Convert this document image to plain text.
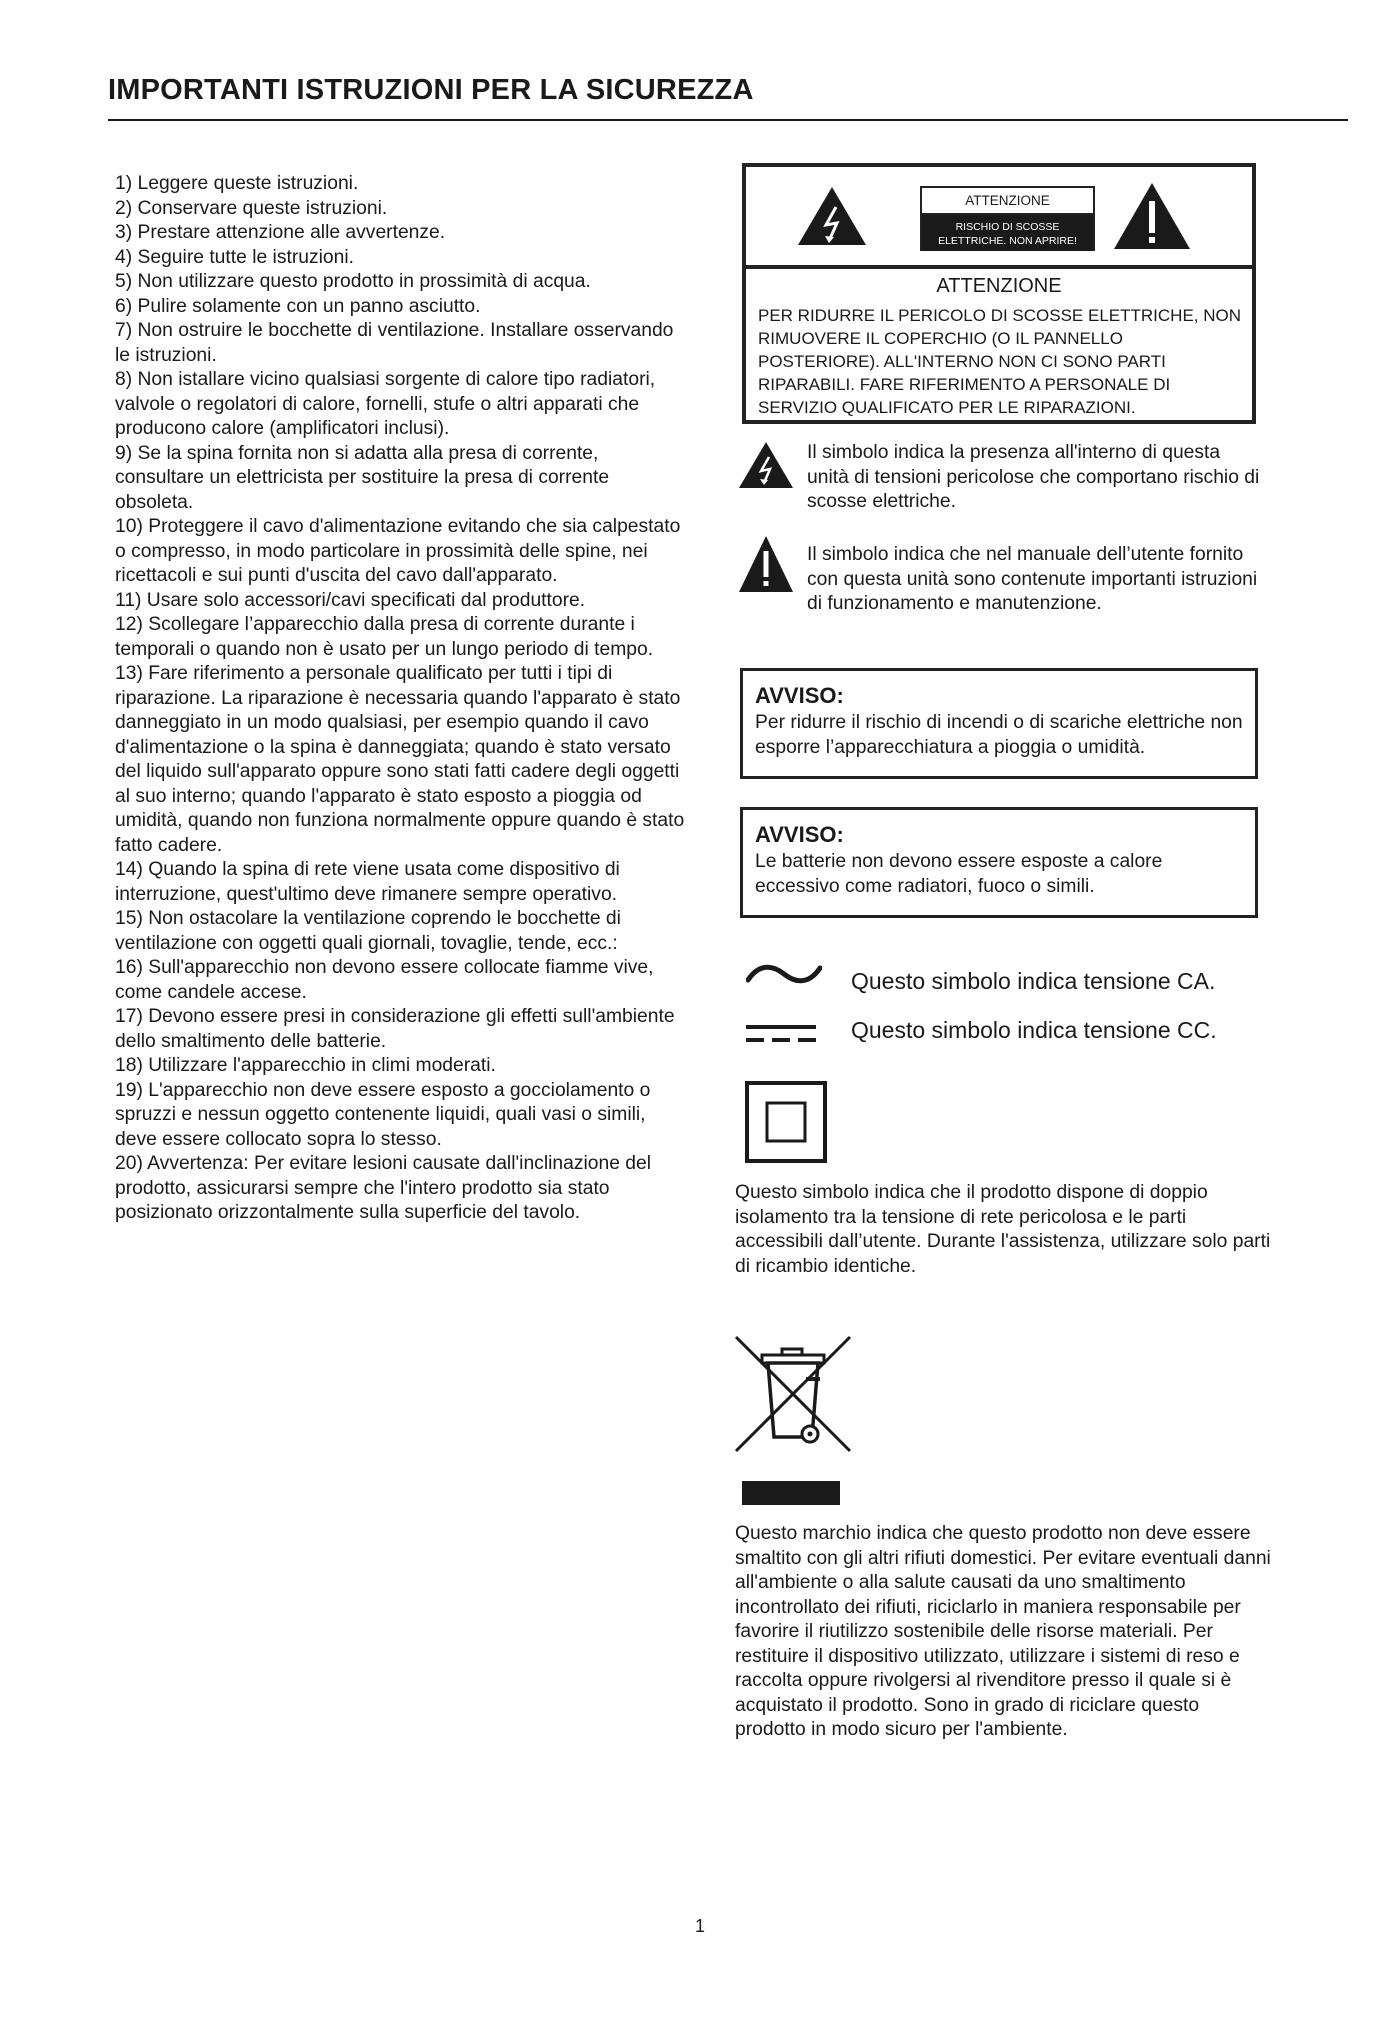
IMPORTANTI ISTRUZIONI PER LA SICUREZZA

1) Leggere queste istruzioni.

2) Conservare queste istruzioni.

3) Prestare attenzione alle avvertenze.

4) Seguire tutte le istruzioni.

5) Non utilizzare questo prodotto in prossimità di acqua.

6) Pulire solamente con un panno asciutto.

7) Non ostruire le bocchette di ventilazione. Installare osservando le istruzioni.

8) Non istallare vicino qualsiasi sorgente di calore tipo radiatori, valvole o regolatori di calore, fornelli, stufe o altri apparati che producono calore (amplificatori inclusi).

9) Se la spina fornita non si adatta alla presa di corrente, consultare un elettricista per sostituire la presa di corrente obsoleta.

10) Proteggere il cavo d'alimentazione evitando che sia calpestato o compresso, in modo particolare in prossimità delle spine, nei ricettacoli e sui punti d'uscita del cavo dall'apparato.

11) Usare solo accessori/cavi specificati dal produttore.

12) Scollegare l’apparecchio dalla presa di corrente durante i temporali o quando non è usato per un lungo periodo di tempo.

13) Fare riferimento a personale qualificato per tutti i tipi di riparazione. La riparazione è necessaria quando l'apparato è stato danneggiato in un modo qualsiasi, per esempio quando il cavo d'alimentazione o la spina è danneggiata; quando è stato versato del liquido sull'apparato oppure sono stati fatti cadere degli oggetti al suo interno; quando l'apparato è stato esposto a pioggia od umidità, quando non funziona normalmente oppure quando è stato fatto cadere.

14) Quando la spina di rete viene usata come dispositivo di interruzione, quest'ultimo deve rimanere sempre operativo.

15) Non ostacolare la ventilazione coprendo le bocchette di ventilazione con oggetti quali giornali, tovaglie, tende, ecc.:

16) Sull'apparecchio non devono essere collocate fiamme vive, come candele accese.

17) Devono essere presi in considerazione gli effetti sull'ambiente dello smaltimento delle batterie.

18) Utilizzare l'apparecchio in climi moderati.

19) L'apparecchio non deve essere esposto a gocciolamento o spruzzi e nessun oggetto contenente liquidi, quali vasi o simili, deve essere collocato sopra lo stesso.

20) Avvertenza: Per evitare lesioni causate dall'inclinazione del prodotto, assicurarsi sempre che l'intero prodotto sia stato posizionato orizzontalmente sulla superficie del tavolo.

ATTENZIONE
RISCHIO DI SCOSSE
ELETTRICHE. NON APRIRE!
ATTENZIONE
PER RIDURRE IL PERICOLO DI SCOSSE ELETTRICHE, NON RIMUOVERE IL COPERCHIO (O IL PANNELLO POSTERIORE). ALL'INTERNO NON CI SONO PARTI RIPARABILI. FARE RIFERIMENTO A PERSONALE DI SERVIZIO QUALIFICATO PER LE RIPARAZIONI.
Il simbolo indica la presenza all'interno di questa unità di tensioni pericolose che comportano rischio di scosse elettriche.
Il simbolo indica che nel manuale dell’utente fornito con questa unità sono contenute importanti istruzioni di funzionamento e manutenzione.
AVVISO:
Per ridurre il rischio di incendi o di scariche elettriche non esporre l’apparecchiatura a pioggia o umidità.
AVVISO:
Le batterie non devono essere esposte a calore eccessivo come radiatori, fuoco o simili.
Questo simbolo indica tensione CA.
Questo simbolo indica tensione CC.

Questo simbolo indica che il prodotto dispone di doppio isolamento tra la tensione di rete pericolosa e le parti accessibili dall’utente. Durante l'assistenza, utilizzare solo parti di ricambio identiche.

Questo marchio indica che questo prodotto non deve essere smaltito con gli altri rifiuti domestici. Per evitare eventuali danni all'ambiente o alla salute causati da uno smaltimento incontrollato dei rifiuti, riciclarlo in maniera responsabile per favorire il riutilizzo sostenibile delle risorse materiali. Per restituire il dispositivo utilizzato, utilizzare i sistemi di reso e raccolta oppure rivolgersi al rivenditore presso il quale si è acquistato il prodotto. Sono in grado di riciclare questo prodotto in modo sicuro per l'ambiente.

1
